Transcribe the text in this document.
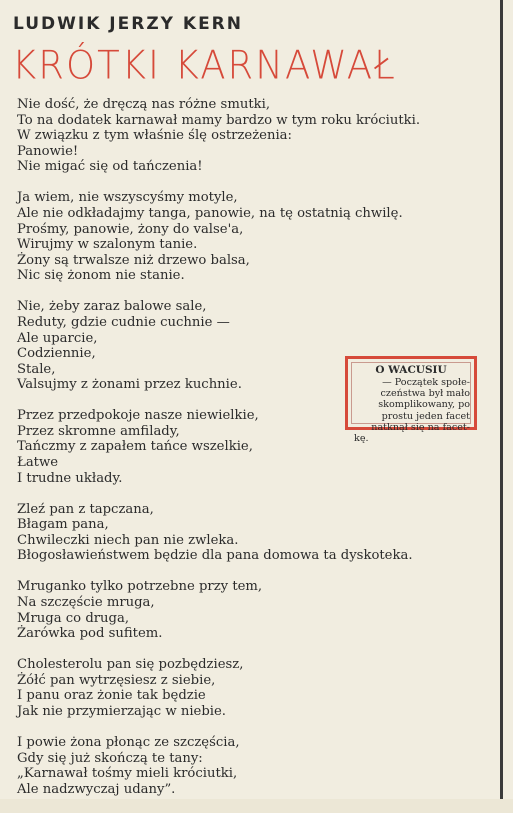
LUDWIK JERZY KERN
KRÓTKI KARNAWAŁ
Nie dość, że dręczą nas różne smutki,
To na dodatek karnawał mamy bardzo w tym roku króciutki.
W związku z tym właśnie ślę ostrzeżenia:
Panowie!
Nie migać się od tańczenia!
Ja wiem, nie wszyscyśmy motyle,
Ale nie odkładajmy tanga, panowie, na tę ostatnią chwilę.
Prośmy, panowie, żony do valse'a,
Wirujmy w szalonym tanie.
Żony są trwalsze niż drzewo balsa,
Nic się żonom nie stanie.
Nie, żeby zaraz balowe sale,
Reduty, gdzie cudnie cuchnie —
Ale uparcie,
Codziennie,
Stale,
Valsujmy z żonami przez kuchnie.
Przez przedpokoje nasze niewielkie,
Przez skromne amfilady,
Tańczmy z zapałem tańce wszelkie,
Łatwe
I trudne układy.
Zleź pan z tapczana,
Błagam pana,
Chwileczki niech pan nie zwleka.
Błogosławieństwem będzie dla pana domowa ta dyskoteka.
Mruganko tylko potrzebne przy tem,
Na szczęście mruga,
Mruga co druga,
Żarówka pod sufitem.
Cholesterolu pan się pozbędziesz,
Żółć pan wytrzęsiesz z siebie,
I panu oraz żonie tak będzie
Jak nie przymierzając w niebie.
I powie żona płonąc ze szczęścia,
Gdy się już skończą te tany:
„Karnawał tośmy mieli króciutki,
Ale nadzwyczaj udany”.
O WACUSIU
— Początek społe-
czeństwa był mało
skomplikowany, po
prostu jeden facet
natknął się na facet-
kę.
